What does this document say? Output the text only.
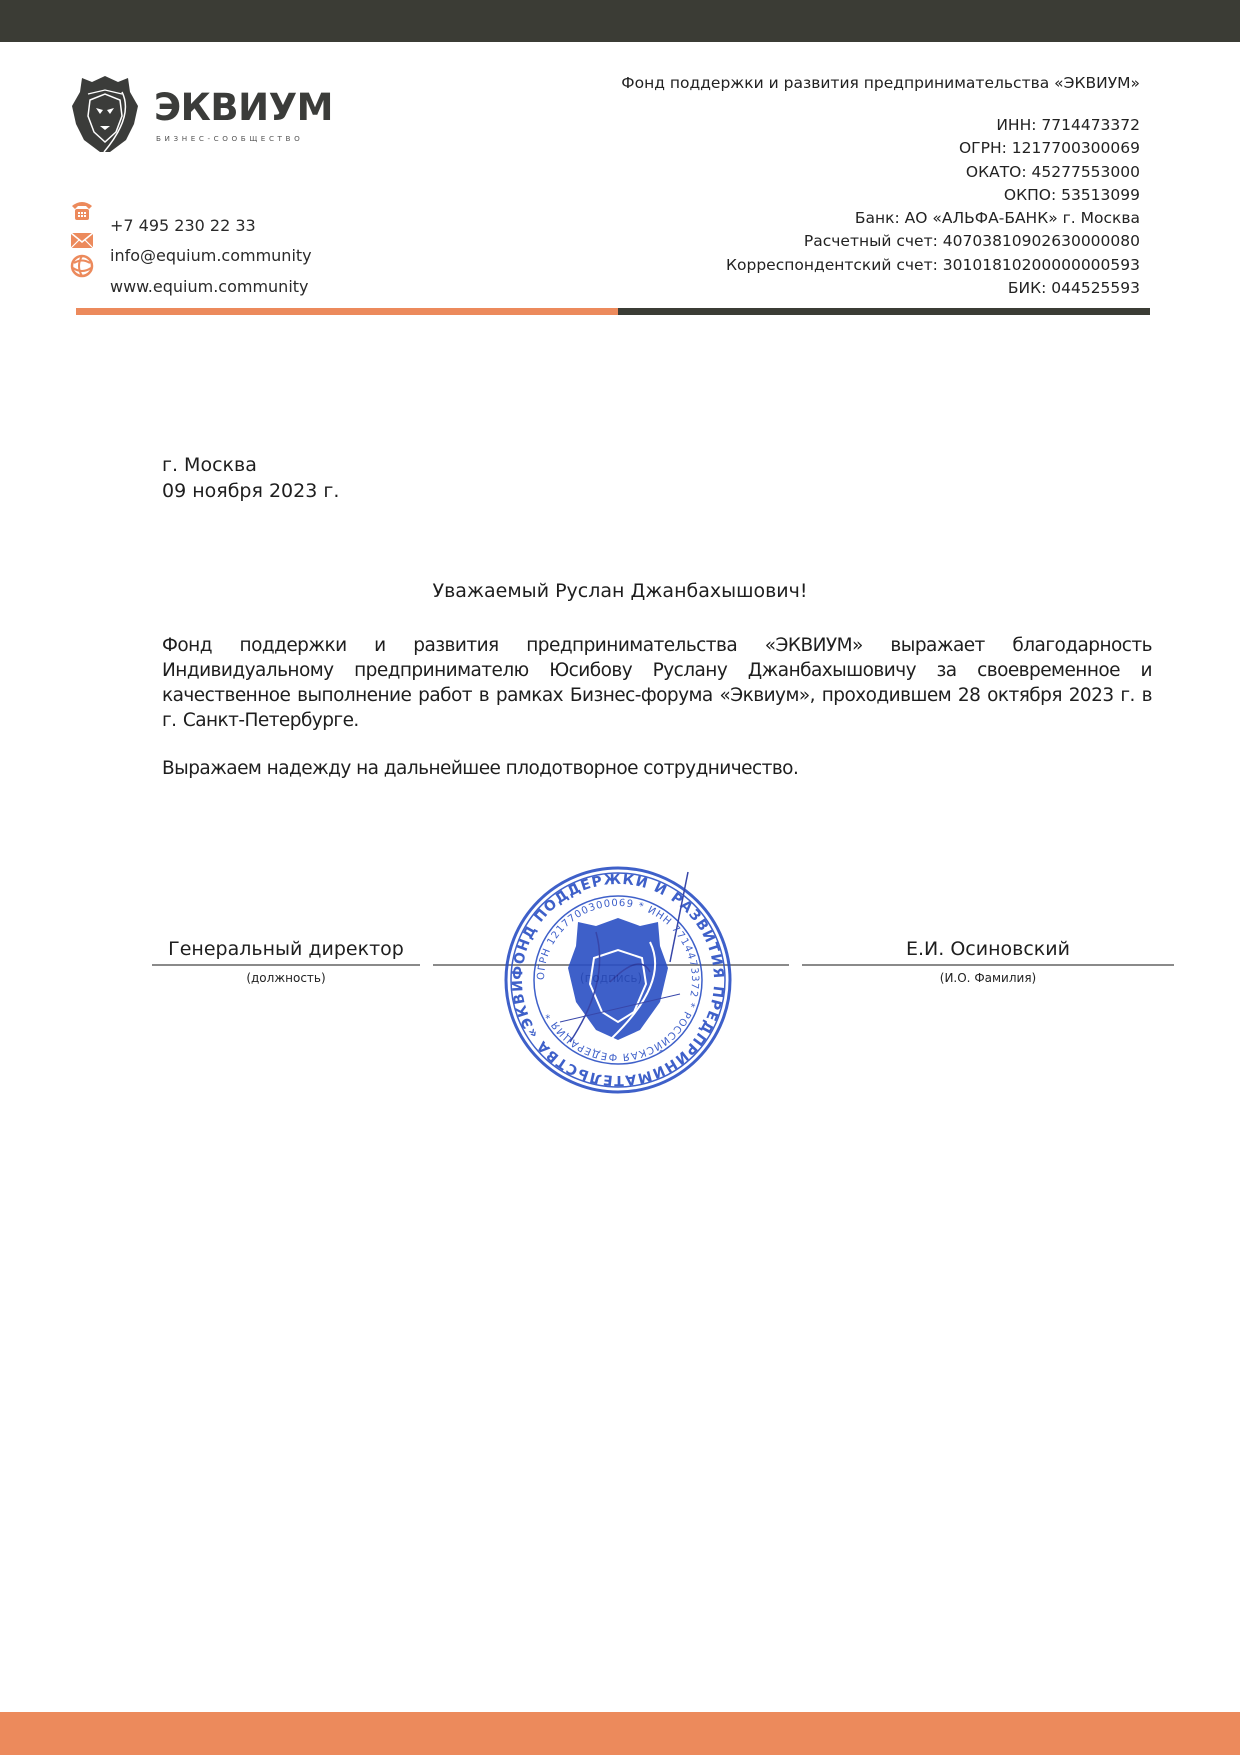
ЭКВИУМ
БИЗНЕС-СООБЩЕСТВО
+7 495 230 22 33
info@equium.community
www.equium.community
Фонд поддержки и развития предпринимательства «ЭКВИУМ»
ИНН: 7714473372
ОГРН: 1217700300069
ОКАТО: 45277553000
ОКПО: 53513099
Банк: АО «АЛЬФА-БАНК» г. Москва
Расчетный счет: 40703810902630000080
Корреспондентский счет: 30101810200000000593
БИК: 044525593
г. Москва
09 ноября 2023 г.
Уважаемый Руслан Джанбахышович!
Фонд поддержки и развития предпринимательства «ЭКВИУМ» выражает благодарность Индивидуальному предпринимателю Юсибову Руслану Джанбахышовичу за своевременное и качественное выполнение работ в рамках Бизнес-форума «Эквиум», проходившем 28 октября 2023 г. в г. Санкт-Петербурге.
Выражаем надежду на дальнейшее плодотворное сотрудничество.
Генеральный директор
(должность)
Е.И. Осиновский
(И.О. Фамилия)
ФОНД ПОДДЕРЖКИ И РАЗВИТИЯ ПРЕДПРИНИМАТЕЛЬСТВА «ЭКВИ
ОГРН 1217700300069 * ИНН 7714473372 * РОССИЙСКАЯ ФЕДЕРАЦИЯ *
